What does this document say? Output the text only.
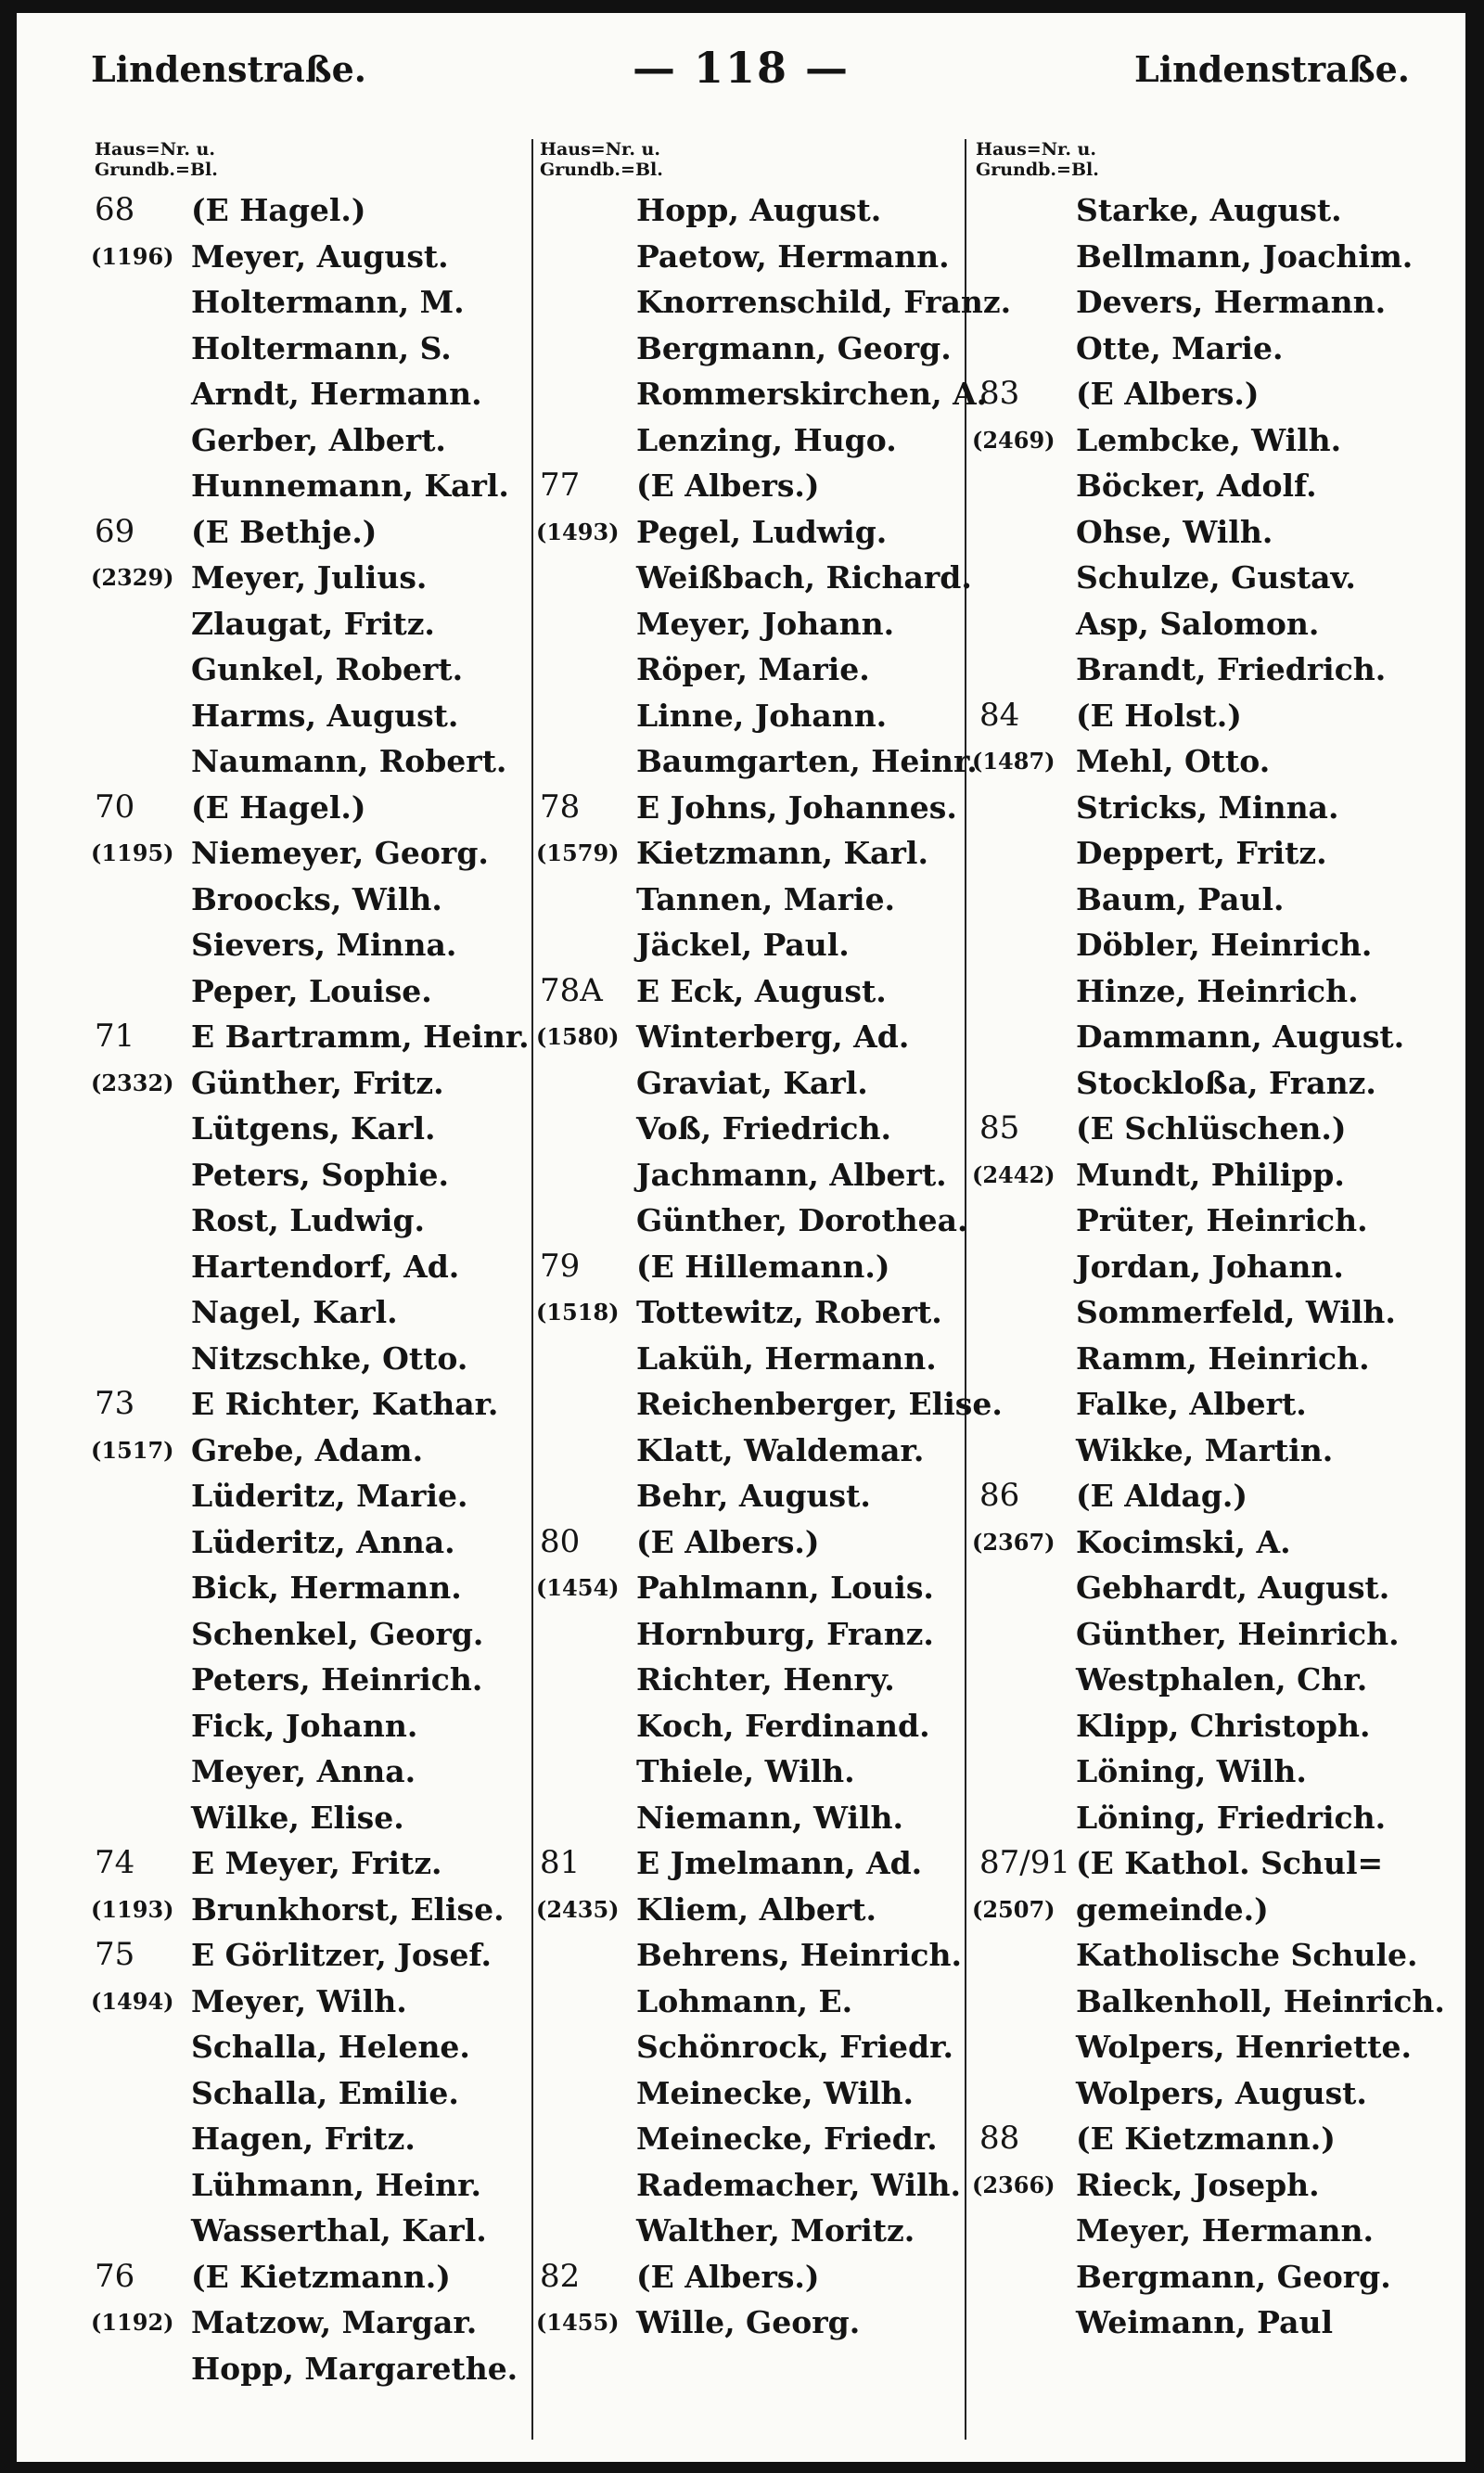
Lindenstraße.	— 118 —	Lindenstraße.
Haus=Nr. u.
Grundb.=Bl.
68 (E Hagel.)
(1196) Meyer, August.
Holtermann, M.
Holtermann, S.
Arndt, Hermann.
Gerber, Albert.
Hunnemann, Karl.
69 (E Bethje.)
(2329) Meyer, Julius.
Zlaugat, Fritz.
Gunkel, Robert.
Harms, August.
Naumann, Robert.
70 (E Hagel.)
(1195) Niemeyer, Georg.
Broocks, Wilh.
Sievers, Minna.
Peper, Louise.
71 E Bartramm, Heinr.
(2332) Günther, Fritz.
Lütgens, Karl.
Peters, Sophie.
Rost, Ludwig.
Hartendorf, Ad.
Nagel, Karl.
Nitzschke, Otto.
73 E Richter, Kathar.
(1517) Grebe, Adam.
Lüderitz, Marie.
Lüderitz, Anna.
Bick, Hermann.
Schenkel, Georg.
Peters, Heinrich.
Fick, Johann.
Meyer, Anna.
Wilke, Elise.
74 E Meyer, Fritz.
(1193) Brunkhorst, Elise.
75 E Görlitzer, Josef.
(1494) Meyer, Wilh.
Schalla, Helene.
Schalla, Emilie.
Hagen, Fritz.
Lühmann, Heinr.
Wasserthal, Karl.
76 (E Kietzmann.)
(1192) Matzow, Margar.
Hopp, Margarethe.
Haus=Nr. u.
Grundb.=Bl.
Hopp, August.
Paetow, Hermann.
Knorrenschild, Franz.
Bergmann, Georg.
Rommerskirchen, A.
Lenzing, Hugo.
77 (E Albers.)
(1493) Pegel, Ludwig.
Weißbach, Richard.
Meyer, Johann.
Röper, Marie.
Linne, Johann.
Baumgarten, Heinr.
78 E Johns, Johannes.
(1579) Kietzmann, Karl.
Tannen, Marie.
Jäckel, Paul.
78A E Eck, August.
(1580) Winterberg, Ad.
Graviat, Karl.
Voß, Friedrich.
Jachmann, Albert.
Günther, Dorothea.
79 (E Hillemann.)
(1518) Tottewitz, Robert.
Laküh, Hermann.
Reichenberger, Elise.
Klatt, Waldemar.
Behr, August.
80 (E Albers.)
(1454) Pahlmann, Louis.
Hornburg, Franz.
Richter, Henry.
Koch, Ferdinand.
Thiele, Wilh.
Niemann, Wilh.
81 E Jmelmann, Ad.
(2435) Kliem, Albert.
Behrens, Heinrich.
Lohmann, E.
Schönrock, Friedr.
Meinecke, Wilh.
Meinecke, Friedr.
Rademacher, Wilh.
Walther, Moritz.
82 (E Albers.)
(1455) Wille, Georg.
Haus=Nr. u.
Grundb.=Bl.
Starke, August.
Bellmann, Joachim.
Devers, Hermann.
Otte, Marie.
83 (E Albers.)
(2469) Lembcke, Wilh.
Böcker, Adolf.
Ohse, Wilh.
Schulze, Gustav.
Asp, Salomon.
Brandt, Friedrich.
84 (E Holst.)
(1487) Mehl, Otto.
Stricks, Minna.
Deppert, Fritz.
Baum, Paul.
Döbler, Heinrich.
Hinze, Heinrich.
Dammann, August.
Stockloßa, Franz.
85 (E Schlüschen.)
(2442) Mundt, Philipp.
Prüter, Heinrich.
Jordan, Johann.
Sommerfeld, Wilh.
Ramm, Heinrich.
Falke, Albert.
Wikke, Martin.
86 (E Aldag.)
(2367) Kocimski, A.
Gebhardt, August.
Günther, Heinrich.
Westphalen, Chr.
Klipp, Christoph.
Löning, Wilh.
Löning, Friedrich.
87/91 (E Kathol. Schul=
(2507) gemeinde.)
Katholische Schule.
Balkenholl, Heinrich.
Wolpers, Henriette.
Wolpers, August.
88 (E Kietzmann.)
(2366) Rieck, Joseph.
Meyer, Hermann.
Bergmann, Georg.
Weimann, Paul
